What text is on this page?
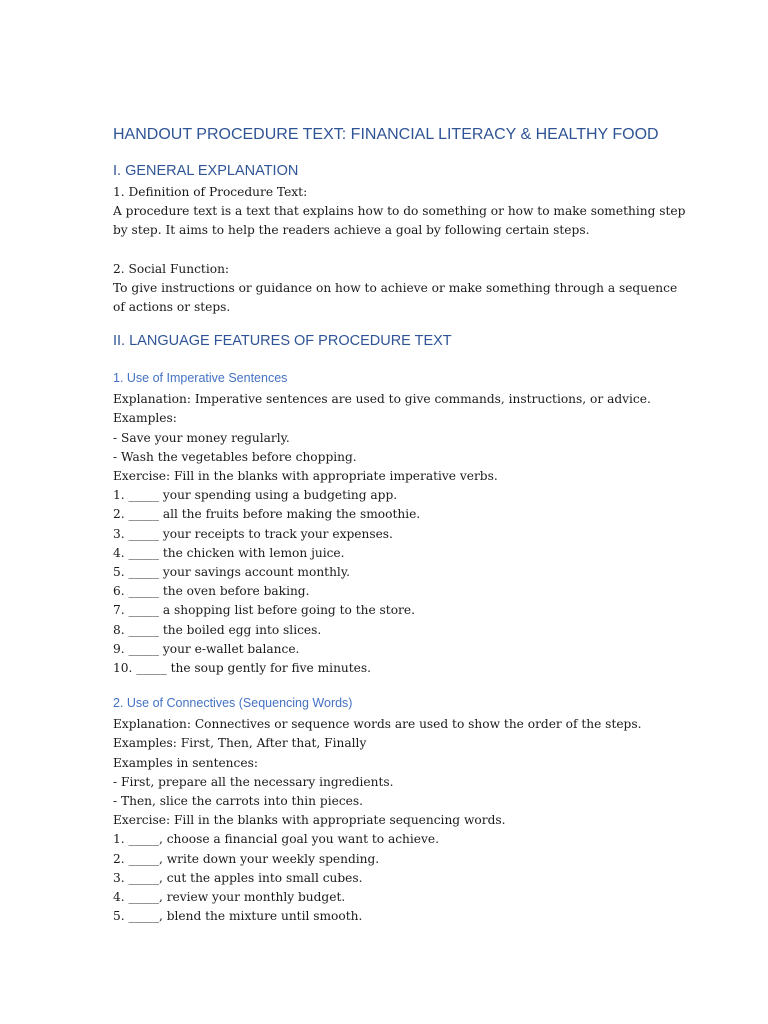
HANDOUT PROCEDURE TEXT: FINANCIAL LITERACY & HEALTHY FOOD
I. GENERAL EXPLANATION
1. Definition of Procedure Text:
A procedure text is a text that explains how to do something or how to make something step
by step. It aims to help the readers achieve a goal by following certain steps.
2. Social Function:
To give instructions or guidance on how to achieve or make something through a sequence
of actions or steps.
II. LANGUAGE FEATURES OF PROCEDURE TEXT
1. Use of Imperative Sentences
Explanation: Imperative sentences are used to give commands, instructions, or advice.
Examples:
- Save your money regularly.
- Wash the vegetables before chopping.
Exercise: Fill in the blanks with appropriate imperative verbs.
1. _____ your spending using a budgeting app.
2. _____ all the fruits before making the smoothie.
3. _____ your receipts to track your expenses.
4. _____ the chicken with lemon juice.
5. _____ your savings account monthly.
6. _____ the oven before baking.
7. _____ a shopping list before going to the store.
8. _____ the boiled egg into slices.
9. _____ your e-wallet balance.
10. _____ the soup gently for five minutes.
2. Use of Connectives (Sequencing Words)
Explanation: Connectives or sequence words are used to show the order of the steps.
Examples: First, Then, After that, Finally
Examples in sentences:
- First, prepare all the necessary ingredients.
- Then, slice the carrots into thin pieces.
Exercise: Fill in the blanks with appropriate sequencing words.
1. _____, choose a financial goal you want to achieve.
2. _____, write down your weekly spending.
3. _____, cut the apples into small cubes.
4. _____, review your monthly budget.
5. _____, blend the mixture until smooth.
